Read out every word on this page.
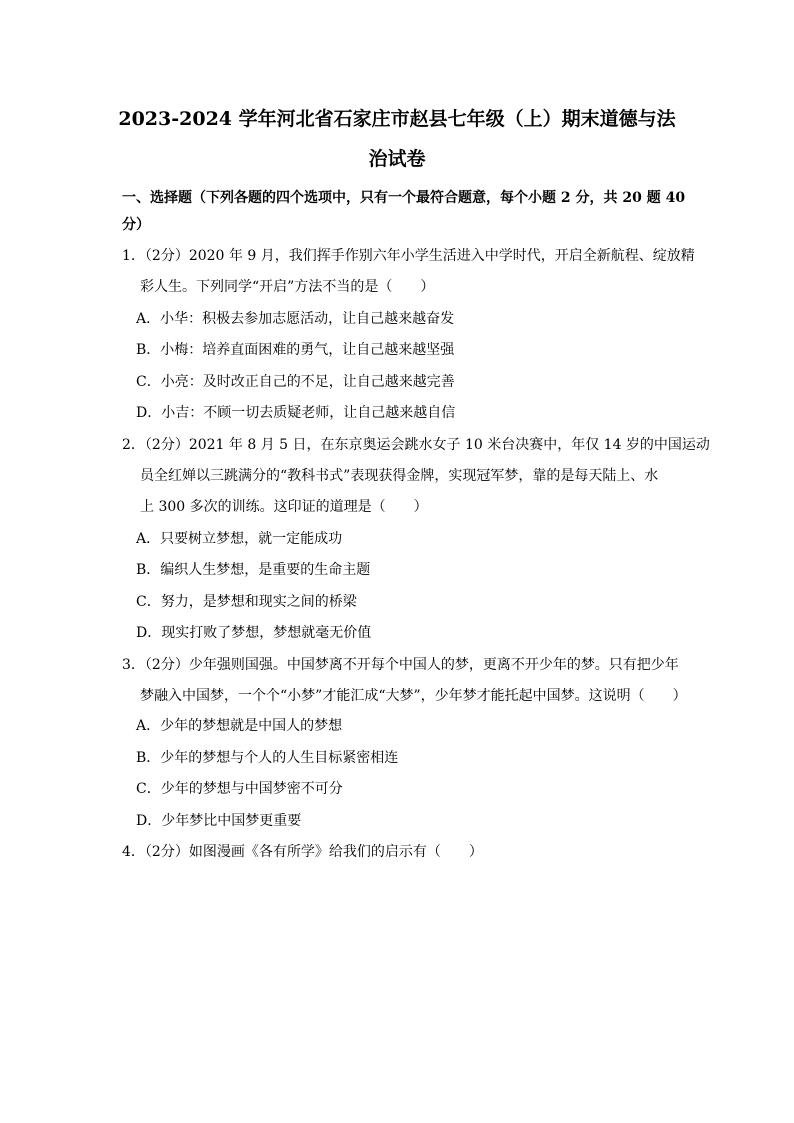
2023-2024 学年河北省石家庄市赵县七年级（上）期末道德与法
治试卷
一、选择题（下列各题的四个选项中，只有一个最符合题意，每个小题 2 分，共 20 题 40
分）
1．（2分）2020 年 9 月，我们挥手作别六年小学生活进入中学时代，开启全新航程、绽放精
彩人生。下列同学“开启”方法不当的是（　　）
A．小华：积极去参加志愿活动，让自己越来越奋发
B．小梅：培养直面困难的勇气，让自己越来越坚强
C．小亮：及时改正自己的不足，让自己越来越完善
D．小吉：不顾一切去质疑老师，让自己越来越自信
2．（2分）2021 年 8 月 5 日，在东京奥运会跳水女子 10 米台决赛中，年仅 14 岁的中国运动
员全红婵以三跳满分的“教科书式”表现获得金牌，实现冠军梦，靠的是每天陆上、水
上 300 多次的训练。这印证的道理是（　　）
A．只要树立梦想，就一定能成功
B．编织人生梦想，是重要的生命主题
C．努力，是梦想和现实之间的桥梁
D．现实打败了梦想，梦想就毫无价值
3．（2分）少年强则国强。中国梦离不开每个中国人的梦，更离不开少年的梦。只有把少年
梦融入中国梦，一个个“小梦”才能汇成“大梦”，少年梦才能托起中国梦。这说明（　　）
A．少年的梦想就是中国人的梦想
B．少年的梦想与个人的人生目标紧密相连
C．少年的梦想与中国梦密不可分
D．少年梦比中国梦更重要
4．（2分）如图漫画《各有所学》给我们的启示有（　　）
